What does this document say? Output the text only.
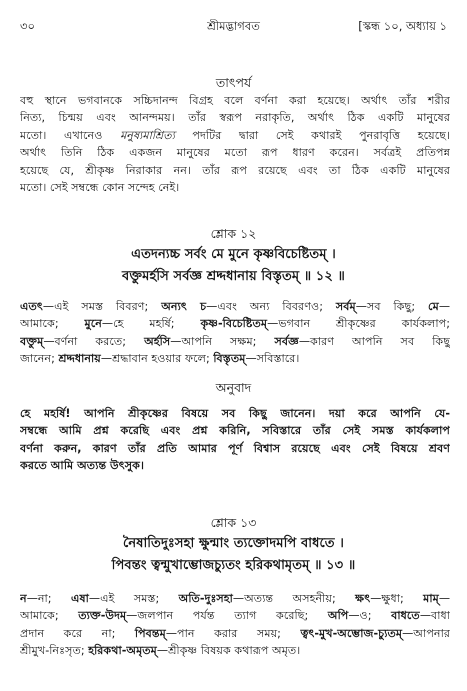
৩০	শ্রীমদ্ভাগবত	[স্কন্ধ ১০, অধ্যায় ১
তাৎপর্য
বহু স্থানে ভগবানকে সচ্চিদানন্দ বিগ্রহ বলে বর্ণনা করা হয়েছে। অর্থাৎ তাঁর শরীর
নিত্য, চিন্ময় এবং আনন্দময়। তাঁর স্বরূপ নরাকৃতি, অর্থাৎ ঠিক একটি মানুষের
মতো। এখানেও মনুষ্যমাশ্রিত্য পদটির দ্বারা সেই কথারই পুনরাবৃত্তি হয়েছে।
অর্থাৎ তিনি ঠিক একজন মানুষের মতো রূপ ধারণ করেন। সর্বত্রই প্রতিপন্ন
হয়েছে যে, শ্রীকৃষ্ণ নিরাকার নন। তাঁর রূপ রয়েছে এবং তা ঠিক একটি মানুষের
মতো। সেই সম্বন্ধে কোন সন্দেহ নেই।
শ্লোক ১২
এতদন্যচ্চ সর্বং মে মুনে কৃষ্ণবিচেষ্টিতম্ ।
বক্তুমর্হসি সর্বজ্ঞ শ্রদ্দধানায় বিস্তৃতম্ ॥ ১২ ॥
এতৎ—এই সমস্ত বিবরণ; অন্যৎ চ—এবং অন্য বিবরণও; সর্বম্—সব কিছু; মে—
আমাকে; মুনে—হে মহর্ষি; কৃষ্ণ-বিচেষ্টিতম্—ভগবান শ্রীকৃষ্ণের কার্যকলাপ;
বক্তুম্—বর্ণনা করতে; অর্হসি—আপনি সক্ষম; সর্বজ্ঞ—কারণ আপনি সব কিছু
জানেন; শ্রদ্দধানায়—শ্রদ্ধাবান হওয়ার ফলে; বিস্তৃতম্—সবিস্তারে।
অনুবাদ
হে মহর্ষি! আপনি শ্রীকৃষ্ণের বিষয়ে সব কিছু জানেন। দয়া করে আপনি যে-
সম্বন্ধে আমি প্রশ্ন করেছি এবং প্রশ্ন করিনি, সবিস্তারে তাঁর সেই সমস্ত কার্যকলাপ
বর্ণনা করুন, কারণ তাঁর প্রতি আমার পূর্ণ বিশ্বাস রয়েছে এবং সেই বিষয়ে শ্রবণ
করতে আমি অত্যন্ত উৎসুক।
শ্লোক ১৩
নৈষাতিদুঃসহা ক্ষুন্মাং ত্যক্তোদমপি বাধতে ।
পিবন্তং ত্বন্মুখাম্ভোজচ্যুতং হরিকথামৃতম্ ॥ ১৩ ॥
ন—না; এষা—এই সমস্ত; অতি-দুঃসহা—অত্যন্ত অসহনীয়; ক্ষৎ—ক্ষুধা; মাম্—
আমাকে; ত্যক্ত-উদম্—জলপান পর্যন্ত ত্যাগ করেছি; অপি—ও; বাধতে—বাধা
প্রদান করে না; পিবন্তম্—পান করার সময়; ত্বৎ-মুখ-অম্ভোজ-চ্যুতম্—আপনার
শ্রীমুখ-নিঃসৃত; হরিকথা-অমৃতম্—শ্রীকৃষ্ণ বিষয়ক কথারূপ অমৃত।
